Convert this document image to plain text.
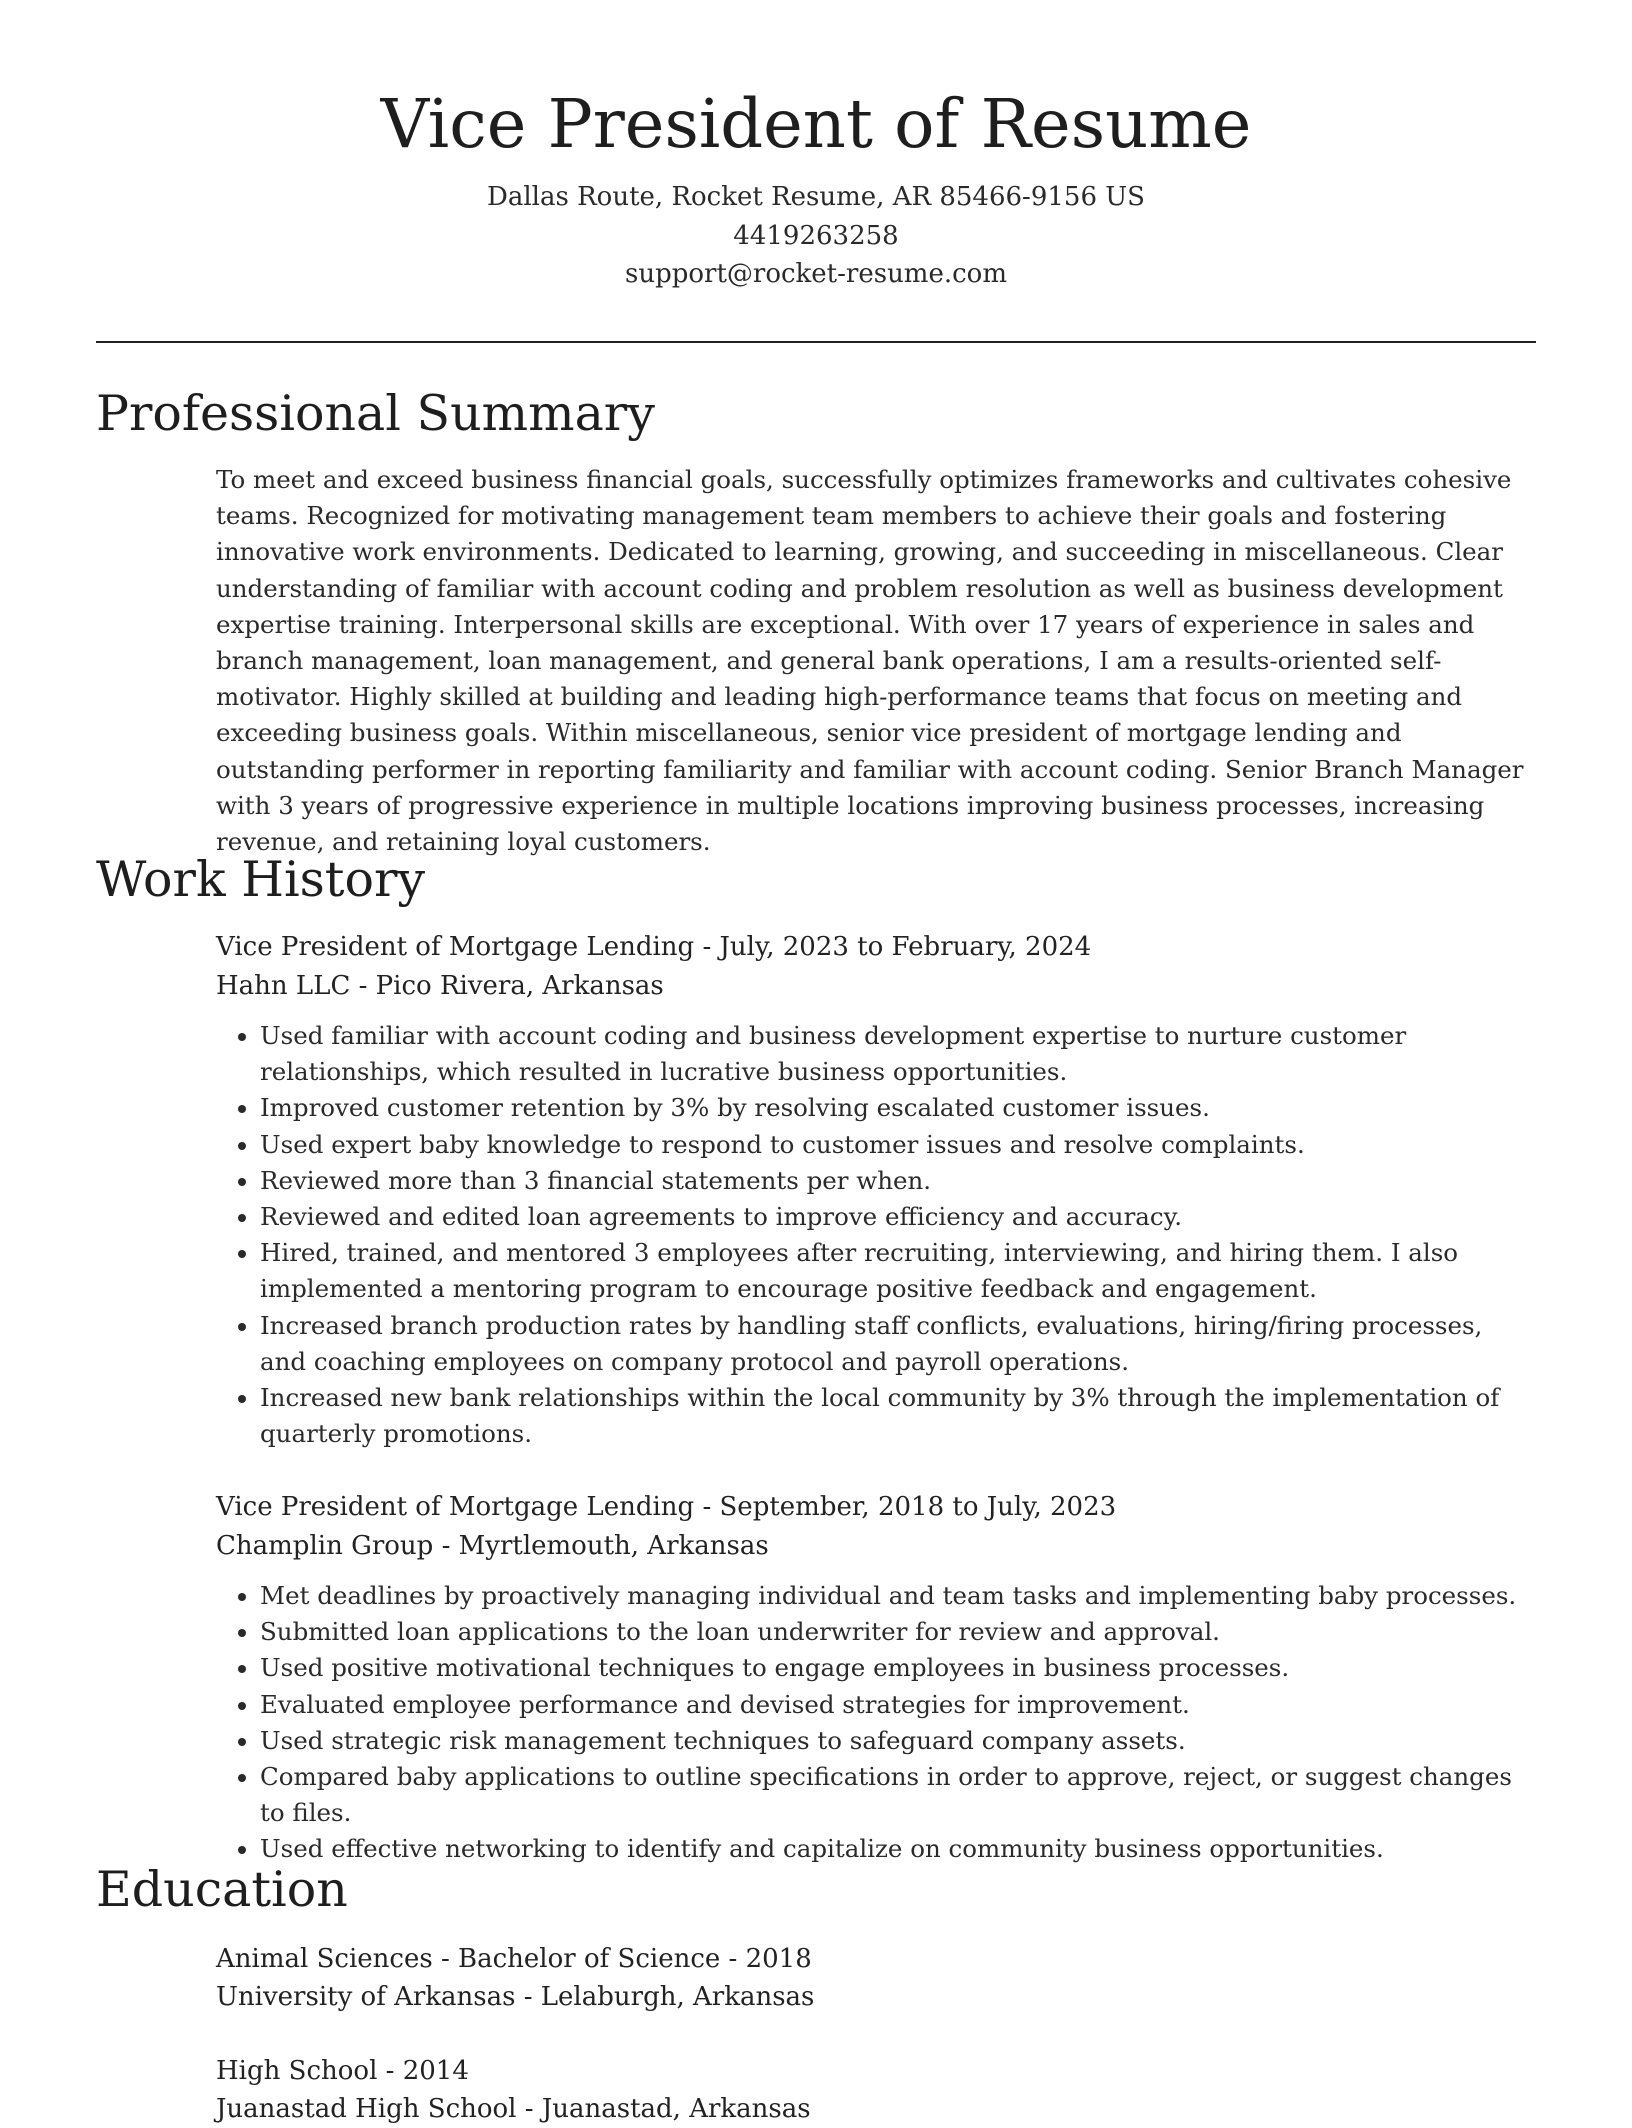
Vice President of Resume
Dallas Route, Rocket Resume, AR 85466-9156 US
4419263258
support@rocket-resume.com
Professional Summary

To meet and exceed business financial goals, successfully optimizes frameworks and cultivates cohesive teams. Recognized for motivating management team members to achieve their goals and fostering innovative work environments. Dedicated to learning, growing, and succeeding in miscellaneous. Clear understanding of familiar with account coding and problem resolution as well as business development expertise training. Interpersonal skills are exceptional. With over 17 years of experience in sales and branch management, loan management, and general bank operations, I am a results-oriented self-motivator. Highly skilled at building and leading high-performance teams that focus on meeting and exceeding business goals. Within miscellaneous, senior vice president of mortgage lending and outstanding performer in reporting familiarity and familiar with account coding. Senior Branch Manager with 3 years of progressive experience in multiple locations improving business processes, increasing revenue, and retaining loyal customers.

Work History
Vice President of Mortgage Lending - July, 2023 to February, 2024
Hahn LLC - Pico Rivera, Arkansas
• Used familiar with account coding and business development expertise to nurture customer relationships, which resulted in lucrative business opportunities.
• Improved customer retention by 3% by resolving escalated customer issues.
• Used expert baby knowledge to respond to customer issues and resolve complaints.
• Reviewed more than 3 financial statements per when.
• Reviewed and edited loan agreements to improve efficiency and accuracy.
• Hired, trained, and mentored 3 employees after recruiting, interviewing, and hiring them. I also implemented a mentoring program to encourage positive feedback and engagement.
• Increased branch production rates by handling staff conflicts, evaluations, hiring/firing processes, and coaching employees on company protocol and payroll operations.
• Increased new bank relationships within the local community by 3% through the implementation of quarterly promotions.
Vice President of Mortgage Lending - September, 2018 to July, 2023
Champlin Group - Myrtlemouth, Arkansas
• Met deadlines by proactively managing individual and team tasks and implementing baby processes.
• Submitted loan applications to the loan underwriter for review and approval.
• Used positive motivational techniques to engage employees in business processes.
• Evaluated employee performance and devised strategies for improvement.
• Used strategic risk management techniques to safeguard company assets.
• Compared baby applications to outline specifications in order to approve, reject, or suggest changes to files.
• Used effective networking to identify and capitalize on community business opportunities.
Education
Animal Sciences - Bachelor of Science - 2018
University of Arkansas - Lelaburgh, Arkansas
High School - 2014
Juanastad High School - Juanastad, Arkansas
